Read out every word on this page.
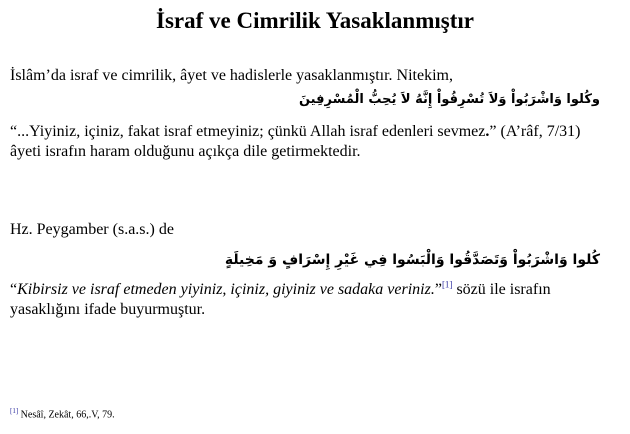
İsraf ve Cimrilik Yasaklanmıştır
İslâm’da israf ve cimrilik, âyet ve hadislerle yasaklanmıştır. Nitekim,
وكُلوا وَاشْرَبُواْ وَلاَ تُسْرِفُواْ إِنَّهُ لاَ يُحِبُّ الْمُسْرِفِينَ
“...Yiyiniz, içiniz, fakat israf etmeyiniz; çünkü Allah israf edenleri sevmez.” (A’râf, 7/31) âyeti israfın haram olduğunu açıkça dile getirmektedir.
Hz. Peygamber (s.a.s.) de
كُلوا وَاشْرَبُواْ وَتَصَدَّقُوا وَالْبَسُوا فِي غَيْرِ إِسْرَافٍ وَ مَخِيلَةٍ
“Kibirsiz ve israf etmeden yiyiniz, içiniz, giyiniz ve sadaka veriniz.”[1] sözü ile israfın yasaklığını ifade buyurmuştur.
[1] Nesâî, Zekât, 66,.V, 79.
